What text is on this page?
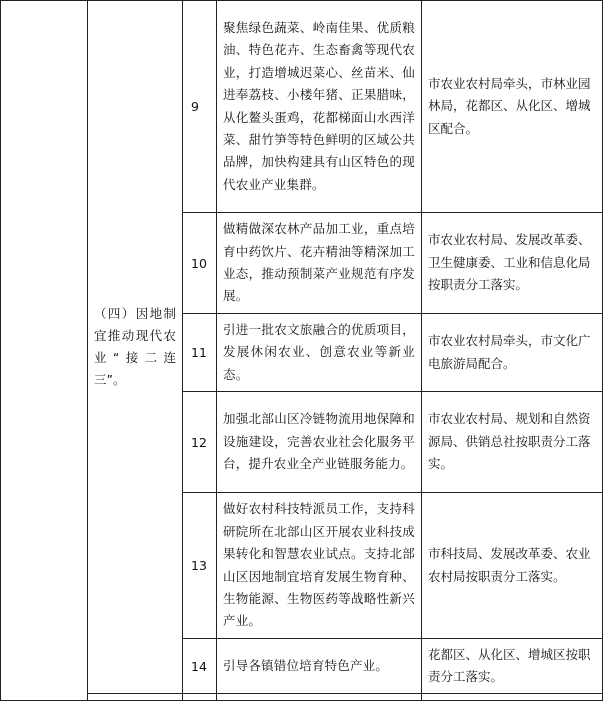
	（四）因地制宜推动现代农业“接二连三”。	9	聚焦绿色蔬菜、岭南佳果、优质粮油、特色花卉、生态畜禽等现代农业，打造增城迟菜心、丝苗米、仙进奉荔枝、小楼年猪、正果腊味，从化鳌头蛋鸡，花都梯面山水西洋菜、甜竹笋等特色鲜明的区域公共品牌，加快构建具有山区特色的现代农业产业集群。	市农业农村局牵头，市林业园林局，花都区、从化区、增城区配合。
		10	做精做深农林产品加工业，重点培育中药饮片、花卉精油等精深加工业态，推动预制菜产业规范有序发展。	市农业农村局、发展改革委、卫生健康委、工业和信息化局按职责分工落实。
		11	引进一批农文旅融合的优质项目，发展休闲农业、创意农业等新业态。	市农业农村局牵头，市文化广电旅游局配合。
		12	加强北部山区冷链物流用地保障和设施建设，完善农业社会化服务平台，提升农业全产业链服务能力。	市农业农村局、规划和自然资源局、供销总社按职责分工落实。
		13	做好农村科技特派员工作，支持科研院所在北部山区开展农业科技成果转化和智慧农业试点。支持北部山区因地制宜培育发展生物育种、生物能源、生物医药等战略性新兴产业。	市科技局、发展改革委、农业农村局按职责分工落实。
		14	引导各镇错位培育特色产业。	花都区、从化区、增城区按职责分工落实。
